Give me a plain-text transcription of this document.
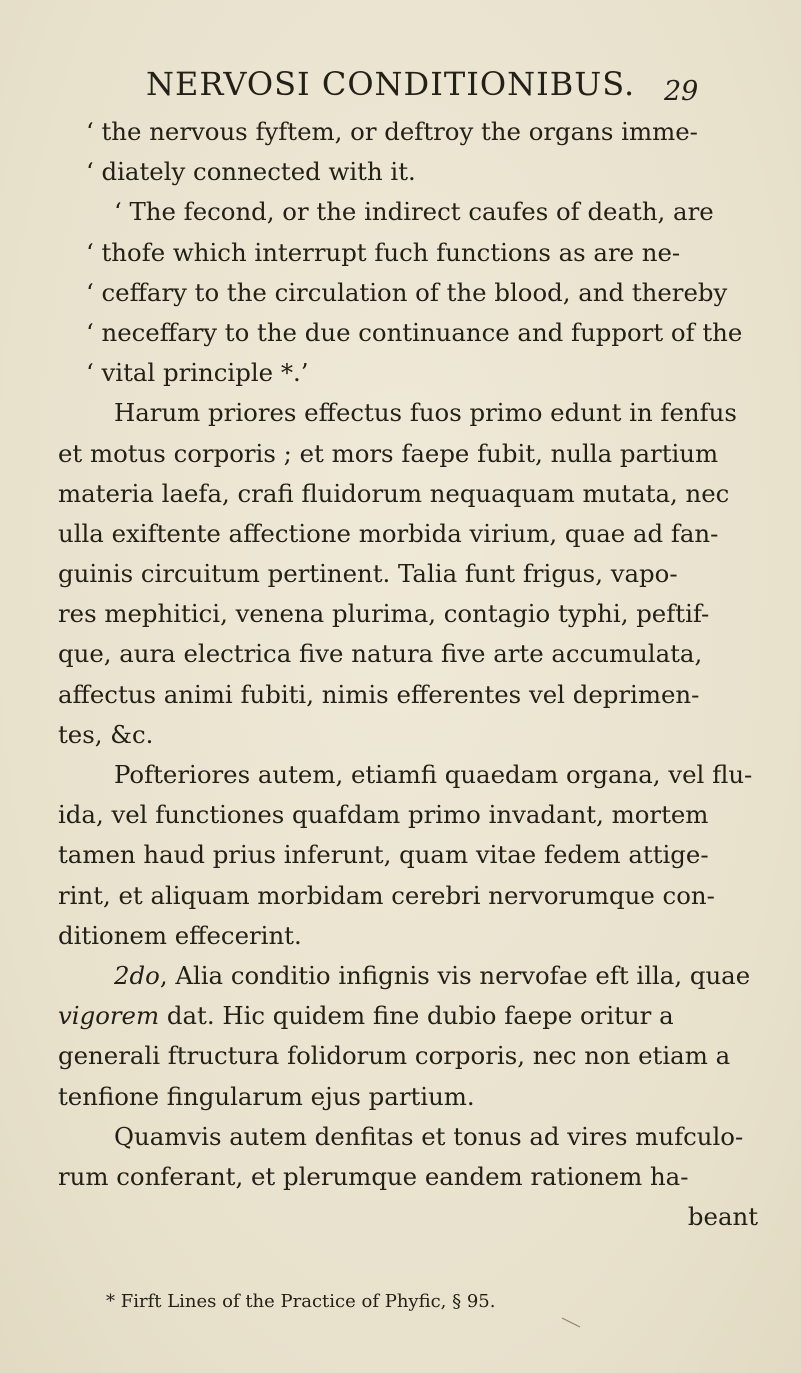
NERVOSI CONDITIONIBUS. 29
‘ the nervous fyftem, or deftroy the organs imme-
‘ diately connected with it.
‘ The fecond, or the indirect caufes of death, are
‘ thofe which interrupt fuch functions as are ne-
‘ ceffary to the circulation of the blood, and thereby
‘ neceffary to the due continuance and fupport of the
‘ vital principle *.’
Harum priores effectus fuos primo edunt in fenfus
et motus corporis ; et mors faepe fubit, nulla partium
materia laefa, crafi fluidorum nequaquam mutata, nec
ulla exiftente affectione morbida virium, quae ad fan-
guinis circuitum pertinent. Talia funt frigus, vapo-
res mephitici, venena plurima, contagio typhi, peftif-
que, aura electrica five natura five arte accumulata,
affectus animi fubiti, nimis efferentes vel deprimen-
tes, &c.
Pofteriores autem, etiamfi quaedam organa, vel flu-
ida, vel functiones quafdam primo invadant, mortem
tamen haud prius inferunt, quam vitae fedem attige-
rint, et aliquam morbidam cerebri nervorumque con-
ditionem effecerint.
2do, Alia conditio infignis vis nervofae eft illa, quae
vigorem dat. Hic quidem fine dubio faepe oritur a
generali ftructura folidorum corporis, nec non etiam a
tenfione fingularum ejus partium.
Quamvis autem denfitas et tonus ad vires mufculo-
rum conferant, et plerumque eandem rationem ha-
beant
* Firft Lines of the Practice of Phyfic, § 95.
